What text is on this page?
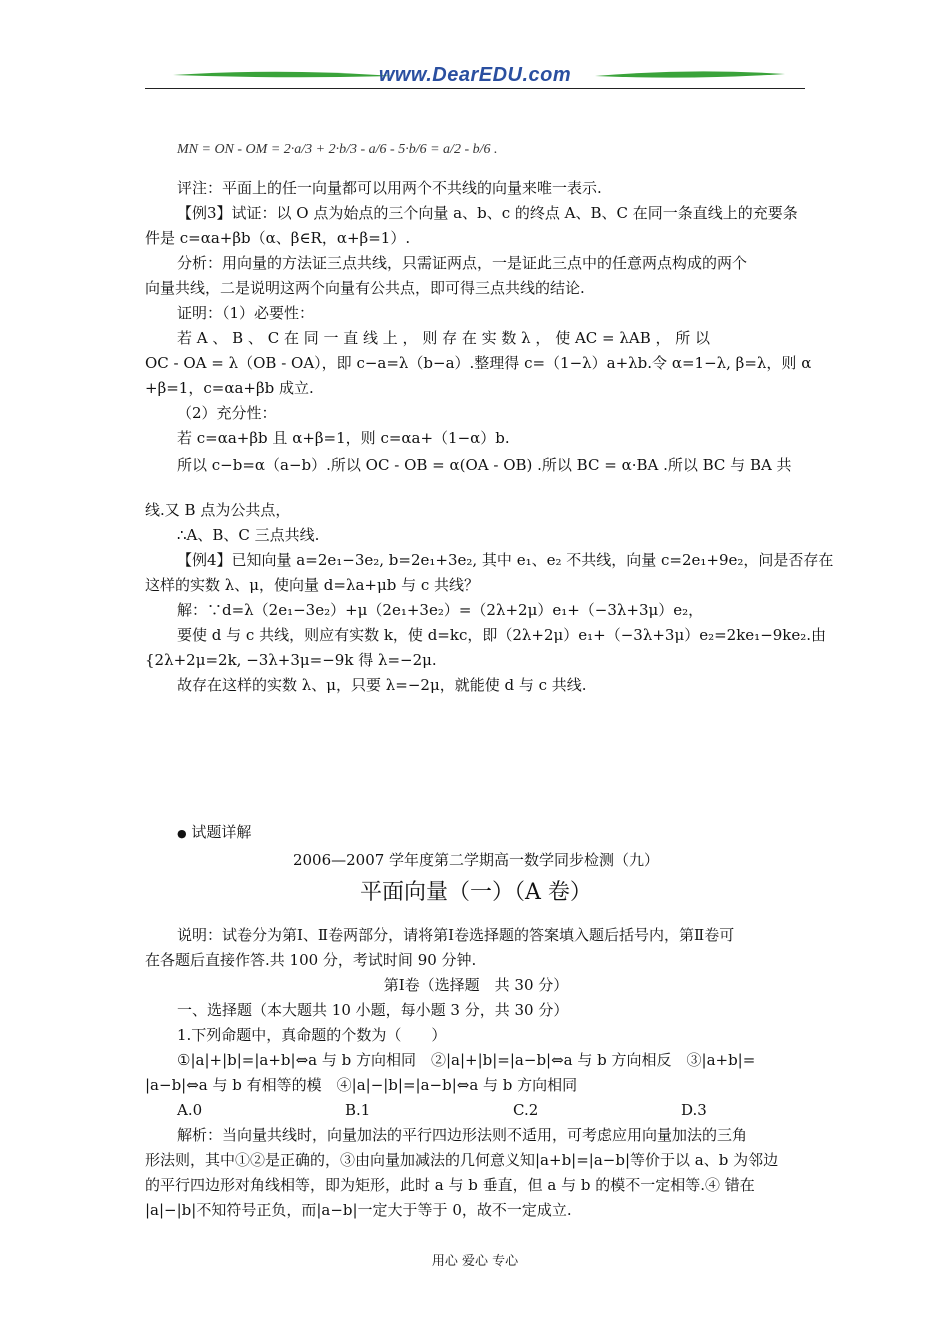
www.DearEDU.com
MN = ON - OM = 2·a/3 + 2·b/3 - a/6 - 5·b/6 = a/2 - b/6 .
评注：平面上的任一向量都可以用两个不共线的向量来唯一表示.
【例3】试证：以 O 点为始点的三个向量 a、b、c 的终点 A、B、C 在同一条直线上的充要条
件是 c=αa+βb（α、β∈R，α+β=1）.
分析：用向量的方法证三点共线，只需证两点，一是证此三点中的任意两点构成的两个
向量共线，二是说明这两个向量有公共点，即可得三点共线的结论.
证明：（1）必要性：
若 A 、 B 、 C 在 同 一 直 线 上 ， 则 存 在 实 数 λ ， 使 AC = λAB ， 所 以
OC - OA = λ（OB - OA），即 c−a=λ（b−a）.整理得 c=（1−λ）a+λb.令 α=1−λ, β=λ，则 α
+β=1，c=αa+βb 成立.
（2）充分性：
若 c=αa+βb 且 α+β=1，则 c=αa+（1−α）b.
所以 c−b=α（a−b）.所以 OC - OB = α(OA - OB) .所以 BC = α·BA .所以 BC 与 BA 共
线.又 B 点为公共点，
∴A、B、C 三点共线.
【例4】已知向量 a=2e₁−3e₂, b=2e₁+3e₂, 其中 e₁、e₂ 不共线，向量 c=2e₁+9e₂，问是否存在
这样的实数 λ、μ，使向量 d=λa+μb 与 c 共线？
解：∵d=λ（2e₁−3e₂）+μ（2e₁+3e₂）=（2λ+2μ）e₁+（−3λ+3μ）e₂，
要使 d 与 c 共线，则应有实数 k，使 d=kc，即（2λ+2μ）e₁+（−3λ+3μ）e₂=2ke₁−9ke₂.由
{2λ+2μ=2k, −3λ+3μ=−9k 得 λ=−2μ.
故存在这样的实数 λ、μ，只要 λ=−2μ，就能使 d 与 c 共线.
● 试题详解
2006—2007 学年度第二学期高一数学同步检测（九）
平面向量（一）（A 卷）
说明：试卷分为第Ⅰ、Ⅱ卷两部分，请将第Ⅰ卷选择题的答案填入题后括号内，第Ⅱ卷可
在各题后直接作答.共 100 分，考试时间 90 分钟.
第Ⅰ卷（选择题　共 30 分）
一、选择题（本大题共 10 小题，每小题 3 分，共 30 分）
1.下列命题中，真命题的个数为（　　）
①|a|+|b|=|a+b|⇔a 与 b 方向相同　②|a|+|b|=|a−b|⇔a 与 b 方向相反　③|a+b|=
|a−b|⇔a 与 b 有相等的模　④|a|−|b|=|a−b|⇔a 与 b 方向相同
A.0	B.1	C.2	D.3
解析：当向量共线时，向量加法的平行四边形法则不适用，可考虑应用向量加法的三角
形法则，其中①②是正确的，③由向量加减法的几何意义知|a+b|=|a−b|等价于以 a、b 为邻边
的平行四边形对角线相等，即为矩形，此时 a 与 b 垂直，但 a 与 b 的模不一定相等.④ 错在
|a|−|b|不知符号正负，而|a−b|一定大于等于 0，故不一定成立.
用心 爱心 专心
